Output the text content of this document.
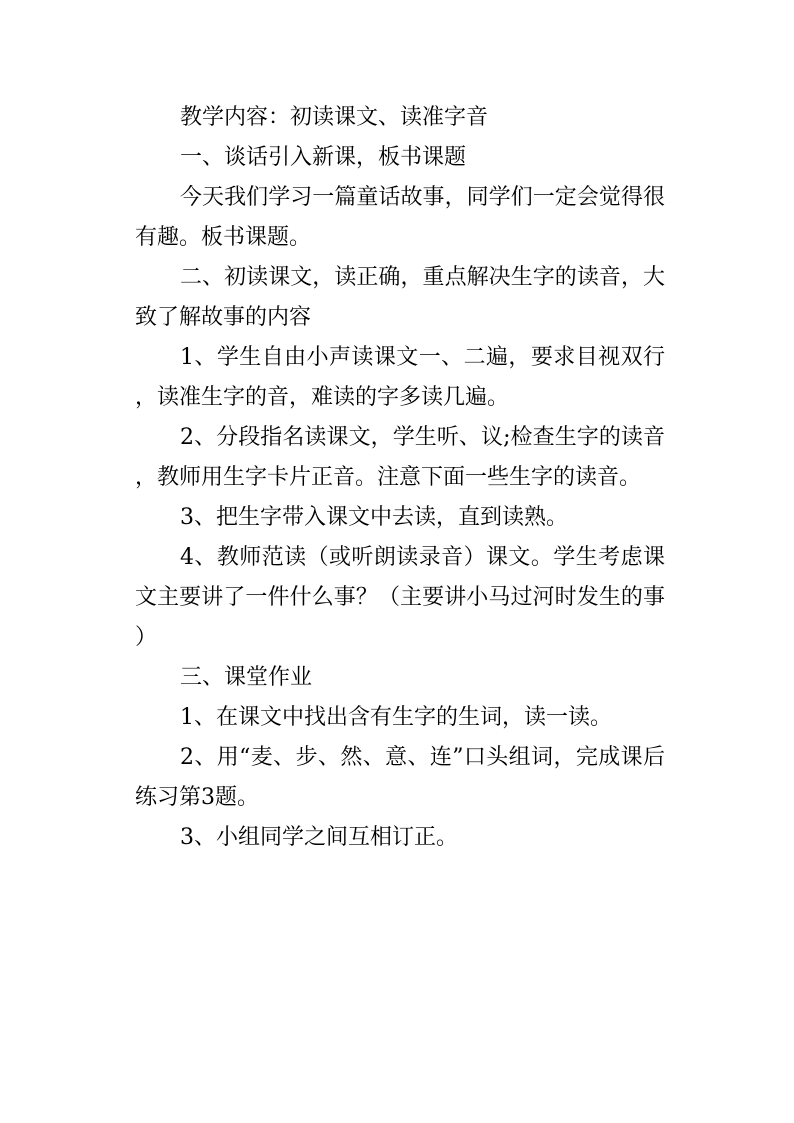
教学内容：初读课文、读准字音

一、谈话引入新课，板书课题

今天我们学习一篇童话故事，同学们一定会觉得很有趣。板书课题。

二、初读课文，读正确，重点解决生字的读音，大致了解故事的内容

1、学生自由小声读课文一、二遍，要求目视双行，读准生字的音，难读的字多读几遍。

2、分段指名读课文，学生听、议;检查生字的读音，教师用生字卡片正音。注意下面一些生字的读音。

3、把生字带入课文中去读，直到读熟。

4、教师范读（或听朗读录音）课文。学生考虑课文主要讲了一件什么事？（主要讲小马过河时发生的事）

三、课堂作业

1、在课文中找出含有生字的生词，读一读。

2、用“麦、步、然、意、连”口头组词，完成课后练习第3题。

3、小组同学之间互相订正。
